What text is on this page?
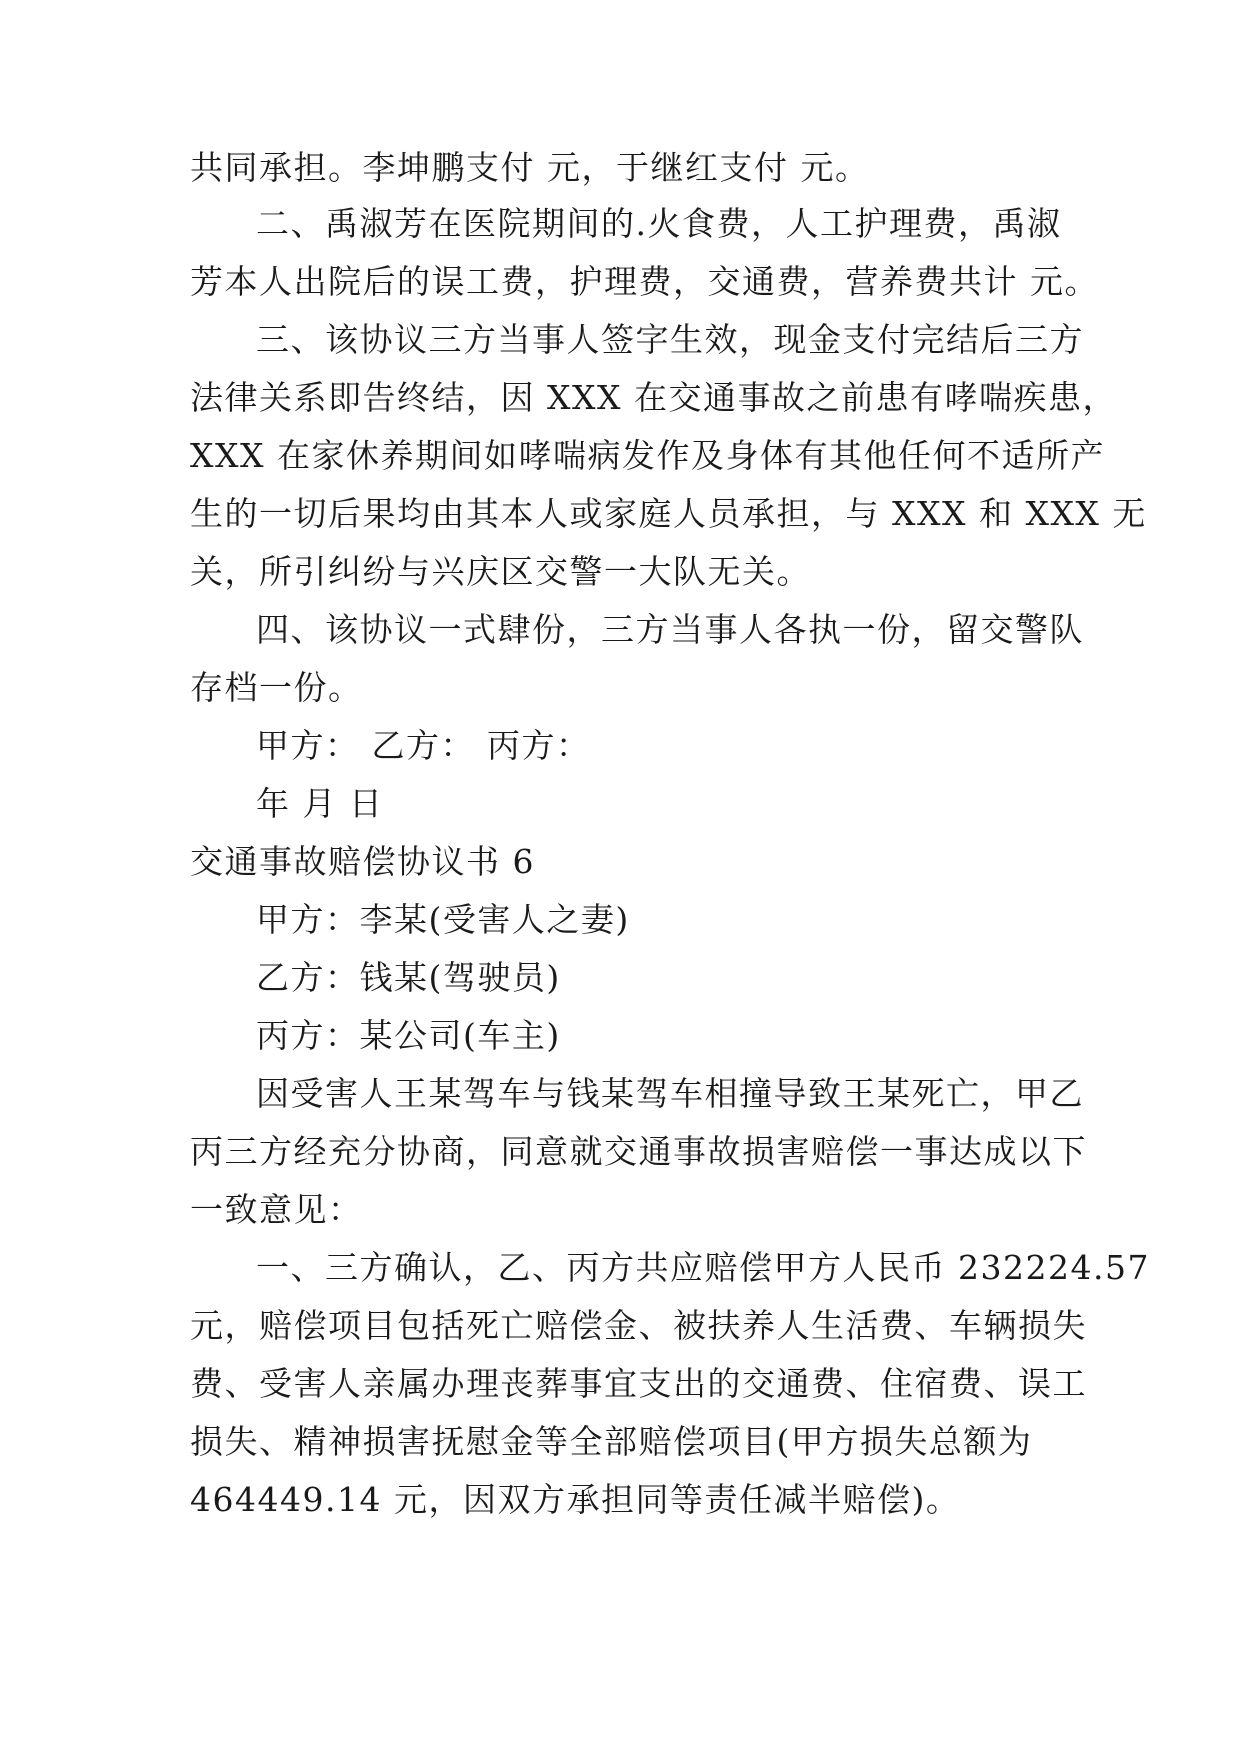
共同承担。李坤鹏支付 元，于继红支付 元。
二、禹淑芳在医院期间的.火食费，人工护理费，禹淑
芳本人出院后的误工费，护理费，交通费，营养费共计 元。
三、该协议三方当事人签字生效，现金支付完结后三方
法律关系即告终结，因 XXX 在交通事故之前患有哮喘疾患，
XXX 在家休养期间如哮喘病发作及身体有其他任何不适所产
生的一切后果均由其本人或家庭人员承担，与 XXX 和 XXX 无
关，所引纠纷与兴庆区交警一大队无关。
四、该协议一式肆份，三方当事人各执一份，留交警队
存档一份。
甲方： 乙方： 丙方：
年 月 日
交通事故赔偿协议书 6
甲方：李某(受害人之妻)
乙方：钱某(驾驶员)
丙方：某公司(车主)
因受害人王某驾车与钱某驾车相撞导致王某死亡，甲乙
丙三方经充分协商，同意就交通事故损害赔偿一事达成以下
一致意见：
一、三方确认，乙、丙方共应赔偿甲方人民币 232224.57
元，赔偿项目包括死亡赔偿金、被扶养人生活费、车辆损失
费、受害人亲属办理丧葬事宜支出的交通费、住宿费、误工
损失、精神损害抚慰金等全部赔偿项目(甲方损失总额为
464449.14 元，因双方承担同等责任减半赔偿)。
